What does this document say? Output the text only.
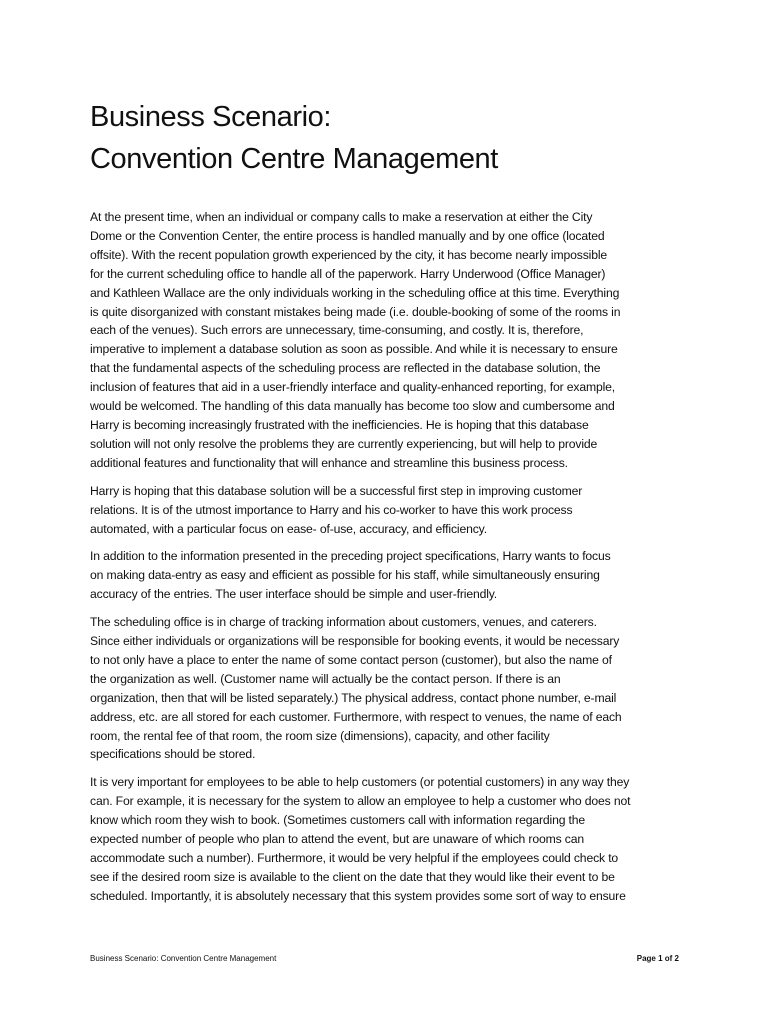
Business Scenario:
Convention Centre Management

At the present time, when an individual or company calls to make a reservation at either the City
Dome or the Convention Center, the entire process is handled manually and by one office (located
offsite). With the recent population growth experienced by the city, it has become nearly impossible
for the current scheduling office to handle all of the paperwork. Harry Underwood (Office Manager)
and Kathleen Wallace are the only individuals working in the scheduling office at this time. Everything
is quite disorganized with constant mistakes being made (i.e. double-booking of some of the rooms in
each of the venues). Such errors are unnecessary, time-consuming, and costly. It is, therefore,
imperative to implement a database solution as soon as possible. And while it is necessary to ensure
that the fundamental aspects of the scheduling process are reflected in the database solution, the
inclusion of features that aid in a user-friendly interface and quality-enhanced reporting, for example,
would be welcomed. The handling of this data manually has become too slow and cumbersome and
Harry is becoming increasingly frustrated with the inefficiencies. He is hoping that this database
solution will not only resolve the problems they are currently experiencing, but will help to provide
additional features and functionality that will enhance and streamline this business process.

Harry is hoping that this database solution will be a successful first step in improving customer
relations. It is of the utmost importance to Harry and his co-worker to have this work process
automated, with a particular focus on ease- of-use, accuracy, and efficiency.

In addition to the information presented in the preceding project specifications, Harry wants to focus
on making data-entry as easy and efficient as possible for his staff, while simultaneously ensuring
accuracy of the entries. The user interface should be simple and user-friendly.

The scheduling office is in charge of tracking information about customers, venues, and caterers.
Since either individuals or organizations will be responsible for booking events, it would be necessary
to not only have a place to enter the name of some contact person (customer), but also the name of
the organization as well. (Customer name will actually be the contact person. If there is an
organization, then that will be listed separately.) The physical address, contact phone number, e-mail
address, etc. are all stored for each customer. Furthermore, with respect to venues, the name of each
room, the rental fee of that room, the room size (dimensions), capacity, and other facility
specifications should be stored.

It is very important for employees to be able to help customers (or potential customers) in any way they
can. For example, it is necessary for the system to allow an employee to help a customer who does not
know which room they wish to book. (Sometimes customers call with information regarding the
expected number of people who plan to attend the event, but are unaware of which rooms can
accommodate such a number). Furthermore, it would be very helpful if the employees could check to
see if the desired room size is available to the client on the date that they would like their event to be
scheduled. Importantly, it is absolutely necessary that this system provides some sort of way to ensure

Business Scenario: Convention Centre Management	Page 1 of 2
